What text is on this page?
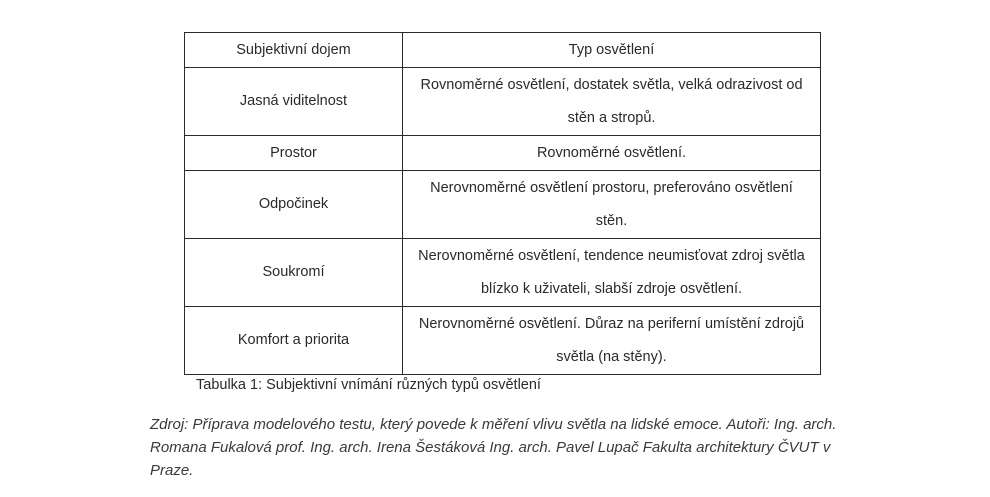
Subjektivní dojem	Typ osvětlení

Jasná viditelnost	Rovnoměrné osvětlení, dostatek světla, velká odrazivost od stěn a stropů.

Prostor	Rovnoměrné osvětlení.

Odpočinek	Nerovnoměrné osvětlení prostoru, preferováno osvětlení stěn.

Soukromí	Nerovnoměrné osvětlení, tendence neumisťovat zdroj světla blízko k uživateli, slabší zdroje osvětlení.

Komfort a priorita	Nerovnoměrné osvětlení. Důraz na periferní umístění zdrojů světla (na stěny).
Tabulka 1: Subjektivní vnímání různých typů osvětlení
Zdroj: Příprava modelového testu, který povede k měření vlivu světla na lidské emoce. Autoři: Ing. arch. Romana Fukalová prof. Ing. arch. Irena Šestáková Ing. arch. Pavel Lupač Fakulta architektury ČVUT v Praze.
